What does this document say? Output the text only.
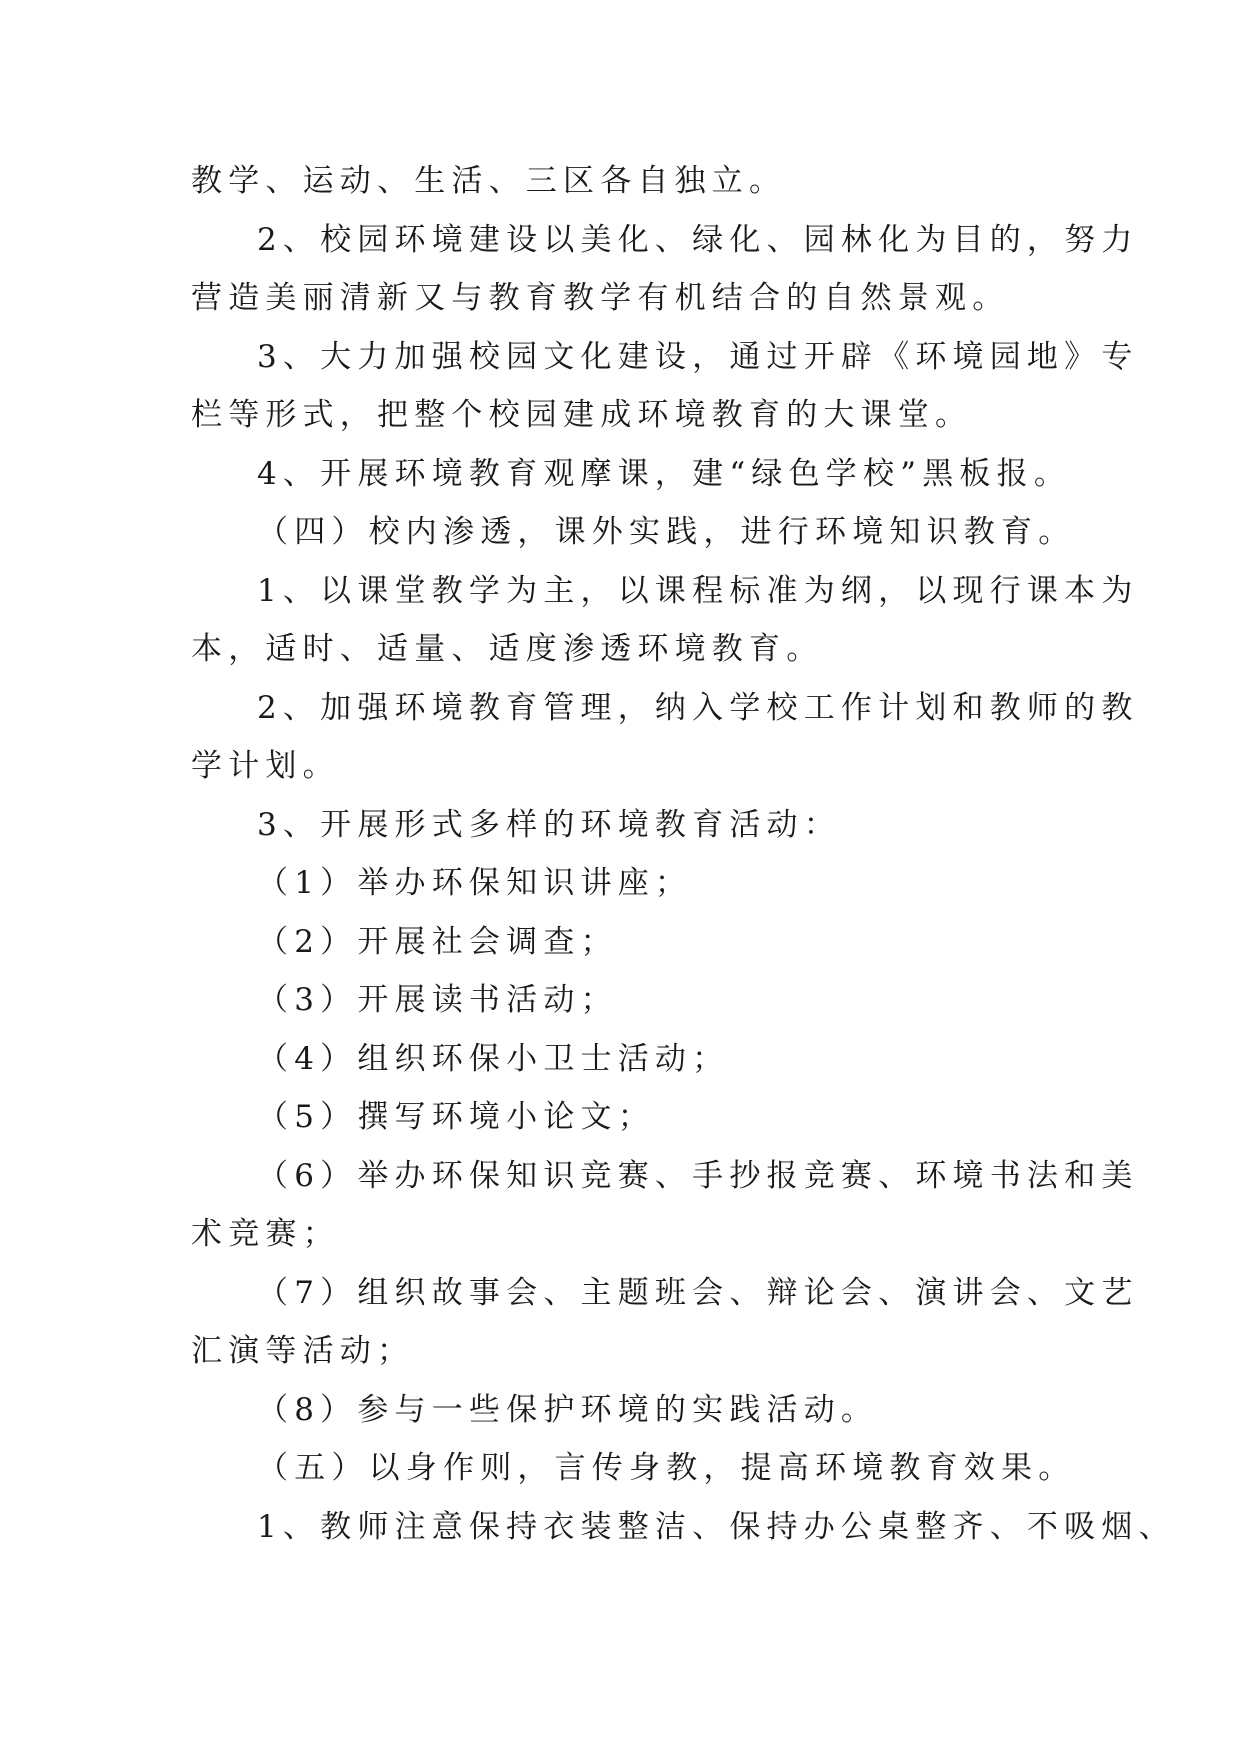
教学、运动、生活、三区各自独立。
2、校园环境建设以美化、绿化、园林化为目的，努力
营造美丽清新又与教育教学有机结合的自然景观。
3、大力加强校园文化建设，通过开辟《环境园地》专
栏等形式，把整个校园建成环境教育的大课堂。
4、开展环境教育观摩课，建“绿色学校”黑板报。
（四）校内渗透，课外实践，进行环境知识教育。
1、以课堂教学为主，以课程标准为纲，以现行课本为
本，适时、适量、适度渗透环境教育。
2、加强环境教育管理，纳入学校工作计划和教师的教
学计划。
3、开展形式多样的环境教育活动：
（1）举办环保知识讲座；
（2）开展社会调查；
（3）开展读书活动；
（4）组织环保小卫士活动；
（5）撰写环境小论文；
（6）举办环保知识竞赛、手抄报竞赛、环境书法和美
术竞赛；
（7）组织故事会、主题班会、辩论会、演讲会、文艺
汇演等活动；
（8）参与一些保护环境的实践活动。
（五）以身作则，言传身教，提高环境教育效果。
1、教师注意保持衣装整洁、保持办公桌整齐、不吸烟、
